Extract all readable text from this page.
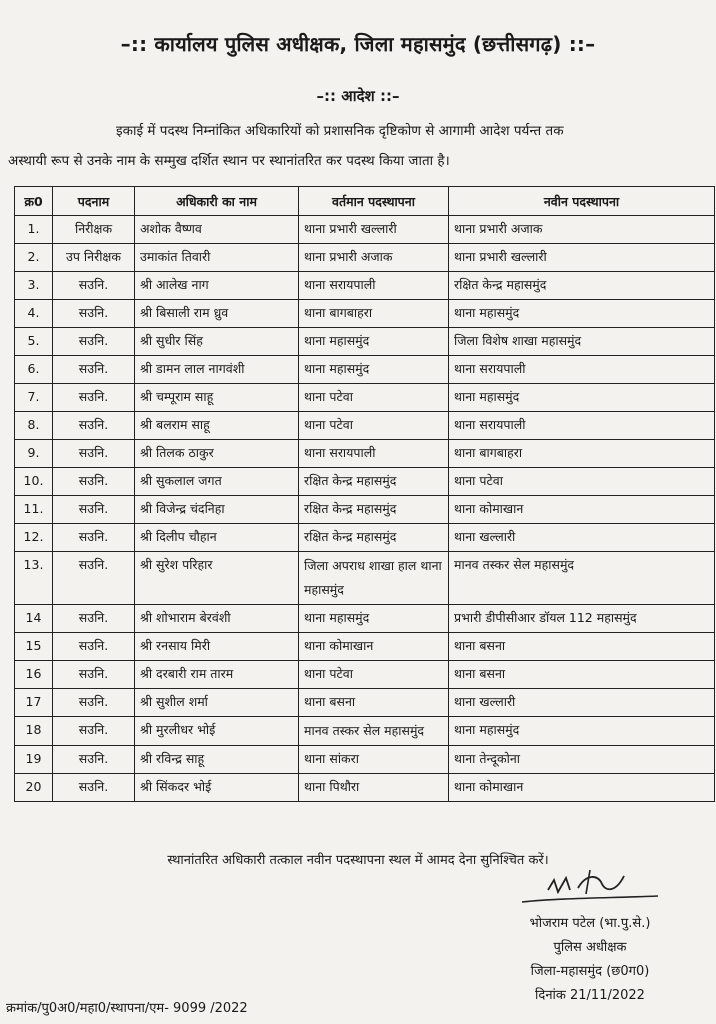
–:: कार्यालय पुलिस अधीक्षक, जिला महासमुंद (छत्तीसगढ़) ::–
–:: आदेश ::–
इकाई में पदस्थ निम्नांकित अधिकारियों को प्रशासनिक दृष्टिकोण से आगामी आदेश पर्यन्त तक
अस्थायी रूप से उनके नाम के सम्मुख दर्शित स्थान पर स्थानांतरित कर पदस्थ किया जाता है।
क्र0	पदनाम	अधिकारी का नाम	वर्तमान पदस्थापना	नवीन पदस्थापना
1.	निरीक्षक	अशोक वैष्णव	थाना प्रभारी खल्लारी	थाना प्रभारी अजाक
2.	उप निरीक्षक	उमाकांत तिवारी	थाना प्रभारी अजाक	थाना प्रभारी खल्लारी
3.	सउनि.	श्री आलेख नाग	थाना सरायपाली	रक्षित केन्द्र महासमुंद
4.	सउनि.	श्री बिसाली राम ध्रुव	थाना बागबाहरा	थाना महासमुंद
5.	सउनि.	श्री सुधीर सिंह	थाना महासमुंद	जिला विशेष शाखा महासमुंद
6.	सउनि.	श्री डामन लाल नागवंशी	थाना महासमुंद	थाना सरायपाली
7.	सउनि.	श्री चम्पूराम साहू	थाना पटेवा	थाना महासमुंद
8.	सउनि.	श्री बलराम साहू	थाना पटेवा	थाना सरायपाली
9.	सउनि.	श्री तिलक ठाकुर	थाना सरायपाली	थाना बागबाहरा
10.	सउनि.	श्री सुकलाल जगत	रक्षित केन्द्र महासमुंद	थाना पटेवा
11.	सउनि.	श्री विजेन्द्र चंदनिहा	रक्षित केन्द्र महासमुंद	थाना कोमाखान
12.	सउनि.	श्री दिलीप चौहान	रक्षित केन्द्र महासमुंद	थाना खल्लारी
13.	सउनि.	श्री सुरेश परिहार	जिला अपराध शाखा हाल थाना महासमुंद	मानव तस्कर सेल महासमुंद
14	सउनि.	श्री शोभाराम बेरवंशी	थाना महासमुंद	प्रभारी डीपीसीआर डॉयल 112 महासमुंद
15	सउनि.	श्री रनसाय मिरी	थाना कोमाखान	थाना बसना
16	सउनि.	श्री दरबारी राम तारम	थाना पटेवा	थाना बसना
17	सउनि.	श्री सुशील शर्मा	थाना बसना	थाना खल्लारी
18	सउनि.	श्री मुरलीधर भोई	मानव तस्कर सेल महासमुंद	थाना महासमुंद
19	सउनि.	श्री रविन्द्र साहू	थाना सांकरा	थाना तेन्दूकोना
20	सउनि.	श्री सिंकदर भोई	थाना पिथौरा	थाना कोमाखान
स्थानांतरित अधिकारी तत्काल नवीन पदस्थापना स्थल में आमद देना सुनिश्चित करें।
भोजराम पटेल (भा.पु.से.)
पुलिस अधीक्षक
जिला-महासमुंद (छ0ग0)
दिनांक 21/11/2022
क्रमांक/पु0अ0/महा0/स्थापना/एम- 9099 /2022
